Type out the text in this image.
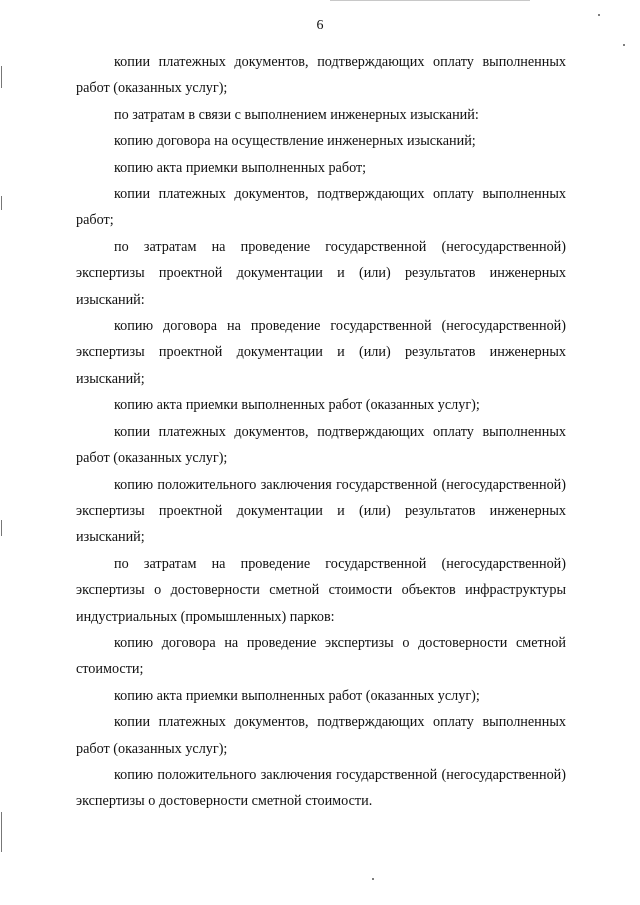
6

копии платежных документов, подтверждающих оплату выполненных работ (оказанных услуг);

по затратам в связи с выполнением инженерных изысканий:

копию договора на осуществление инженерных изысканий;

копию акта приемки выполненных работ;

копии платежных документов, подтверждающих оплату выполненных работ;

по затратам на проведение государственной (негосударственной) экспертизы проектной документации и (или) результатов инженерных изысканий:

копию договора на проведение государственной (негосударственной) экспертизы проектной документации и (или) результатов инженерных изысканий;

копию акта приемки выполненных работ (оказанных услуг);

копии платежных документов, подтверждающих оплату выполненных работ (оказанных услуг);

копию положительного заключения государственной (негосударственной) экспертизы проектной документации и (или) результатов инженерных изысканий;

по затратам на проведение государственной (негосударственной) экспертизы о достоверности сметной стоимости объектов инфраструктуры индустриальных (промышленных) парков:

копию договора на проведение экспертизы о достоверности сметной стоимости;

копию акта приемки выполненных работ (оказанных услуг);

копии платежных документов, подтверждающих оплату выполненных работ (оказанных услуг);

копию положительного заключения государственной (негосударственной) экспертизы о достоверности сметной стоимости.
